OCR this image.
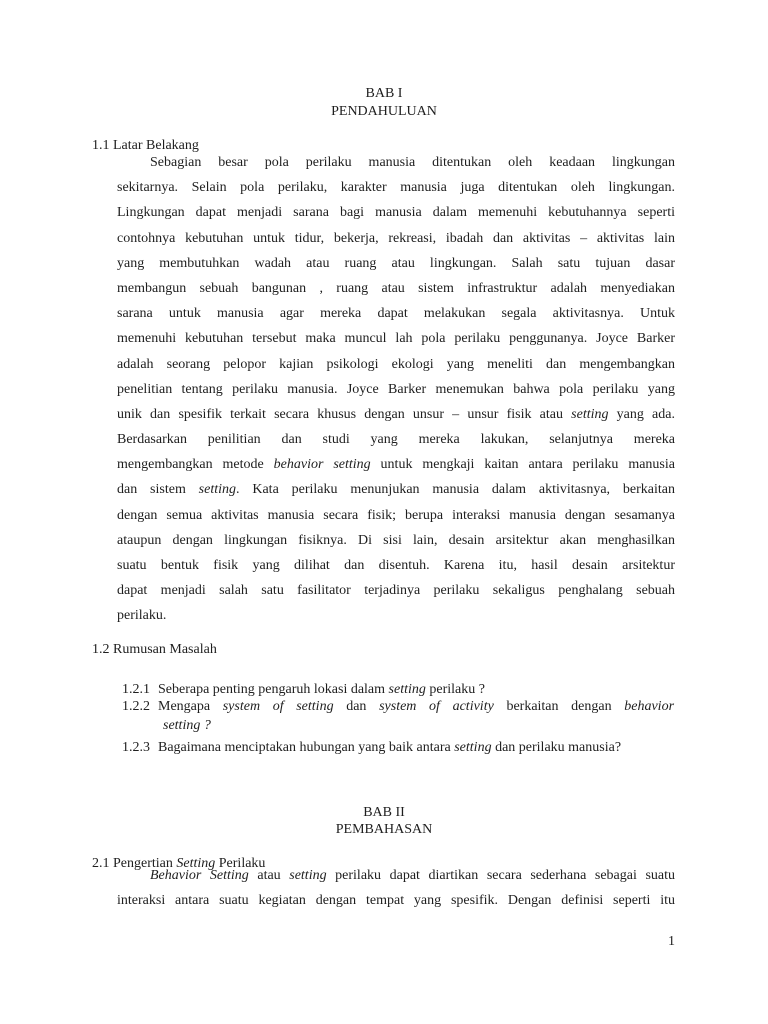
BAB I
PENDAHULUAN
1.1 Latar Belakang
Sebagian besar pola perilaku manusia ditentukan oleh keadaan lingkungan
sekitarnya. Selain pola perilaku, karakter manusia juga ditentukan oleh lingkungan.
Lingkungan dapat menjadi sarana bagi manusia dalam memenuhi kebutuhannya seperti
contohnya kebutuhan untuk tidur, bekerja, rekreasi, ibadah dan aktivitas – aktivitas lain
yang membutuhkan wadah atau ruang atau lingkungan. Salah satu tujuan dasar
membangun sebuah bangunan , ruang atau sistem infrastruktur adalah menyediakan
sarana untuk manusia agar mereka dapat melakukan segala aktivitasnya. Untuk
memenuhi kebutuhan tersebut maka muncul lah pola perilaku penggunanya. Joyce Barker
adalah seorang pelopor kajian psikologi ekologi yang meneliti dan mengembangkan
penelitian tentang perilaku manusia. Joyce Barker menemukan bahwa pola perilaku yang
unik dan spesifik terkait secara khusus dengan unsur – unsur fisik atau setting yang ada.
Berdasarkan penilitian dan studi yang mereka lakukan, selanjutnya mereka
mengembangkan metode behavior setting untuk mengkaji kaitan antara perilaku manusia
dan sistem setting. Kata perilaku menunjukan manusia dalam aktivitasnya, berkaitan
dengan semua aktivitas manusia secara fisik; berupa interaksi manusia dengan sesamanya
ataupun dengan lingkungan fisiknya. Di sisi lain, desain arsitektur akan menghasilkan
suatu bentuk fisik yang dilihat dan disentuh. Karena itu, hasil desain arsitektur
dapat menjadi salah satu fasilitator terjadinya perilaku sekaligus penghalang sebuah
perilaku.
1.2 Rumusan Masalah
1.2.1 Seberapa penting pengaruh lokasi dalam setting perilaku ?
1.2.2 Mengapa system of setting dan system of activity berkaitan dengan behavior
setting ?
1.2.3 Bagaimana menciptakan hubungan yang baik antara setting dan perilaku manusia?
BAB II
PEMBAHASAN
2.1 Pengertian Setting Perilaku
Behavior Setting atau setting perilaku dapat diartikan secara sederhana sebagai suatu
interaksi antara suatu kegiatan dengan tempat yang spesifik. Dengan definisi seperti itu
1
